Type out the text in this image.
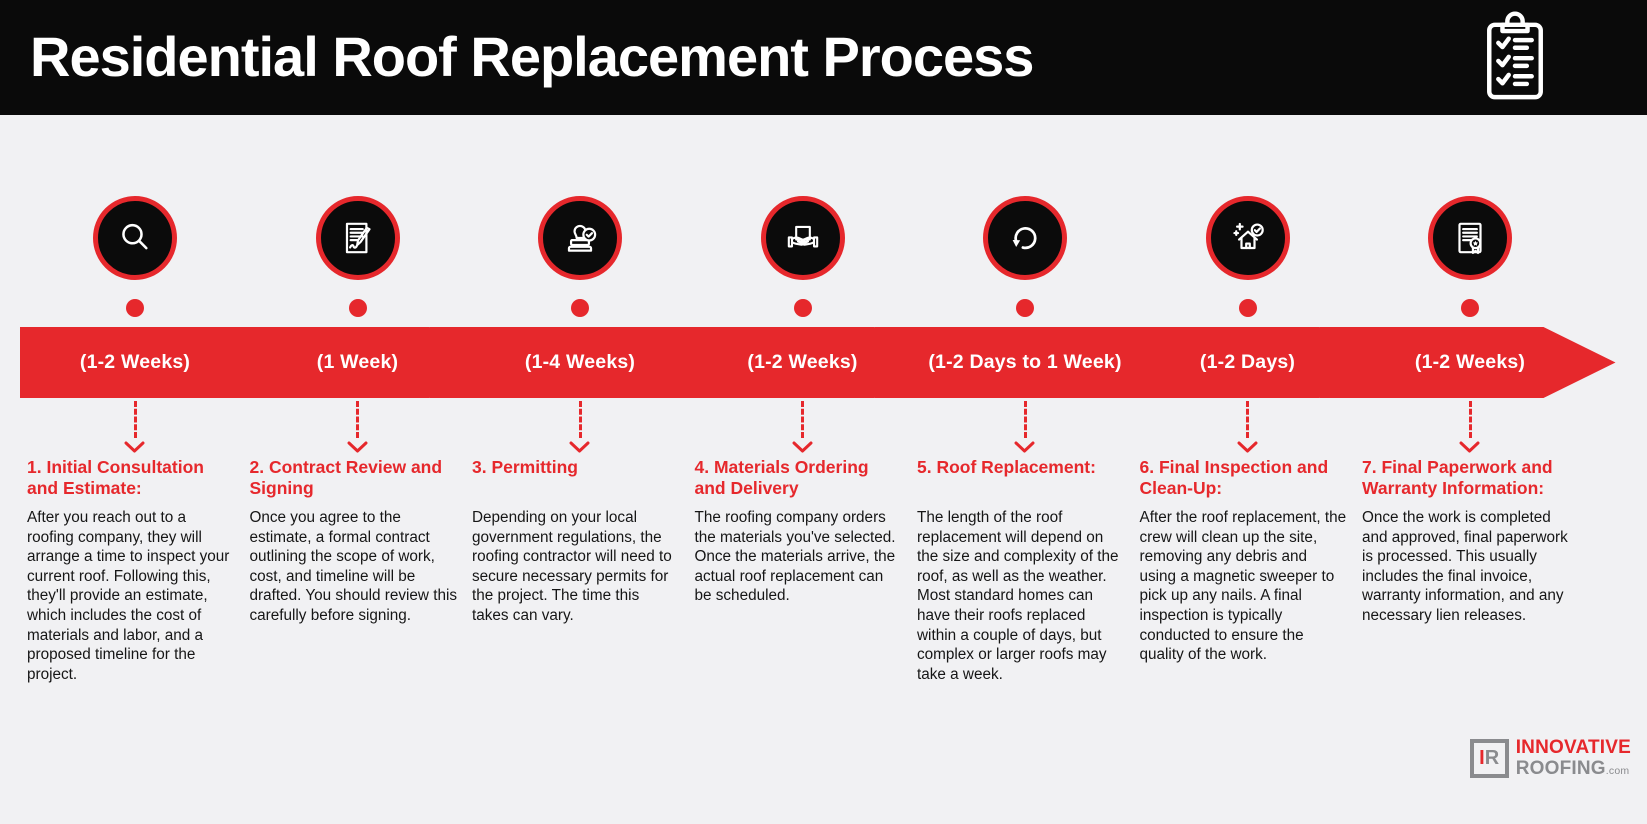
Residential Roof Replacement Process
(1-2 Weeks)	(1 Week)	(1-4 Weeks)	(1-2 Weeks)	(1-2 Days to 1 Week)	(1-2 Days)	(1-2 Weeks)
1. Initial Consultation and Estimate:

After you reach out to a roofing company, they will arrange a time to inspect your current roof. Following this, they'll provide an estimate, which includes the cost of materials and labor, and a proposed timeline for the project.

2. Contract Review and Signing

Once you agree to the estimate, a formal contract outlining the scope of work, cost, and timeline will be drafted. You should review this carefully before signing.

3. Permitting

Depending on your local government regulations, the roofing contractor will need to secure necessary permits for the project. The time this takes can vary.

4. Materials Ordering and Delivery

The roofing company orders the materials you've selected. Once the materials arrive, the actual roof replacement can be scheduled.

5. Roof Replacement:

The length of the roof replacement will depend on the size and complexity of the roof, as well as the weather. Most standard homes can have their roofs replaced within a couple of days, but complex or larger roofs may take a week.

6. Final Inspection and Clean-Up:

After the roof replacement, the crew will clean up the site, removing any debris and using a magnetic sweeper to pick up any nails. A final inspection is typically conducted to ensure the quality of the work.

7. Final Paperwork and Warranty Information:

Once the work is completed and approved, final paperwork is processed. This usually includes the final invoice, warranty information, and any necessary lien releases.

I R INNOVATIVE
ROOFING.com
